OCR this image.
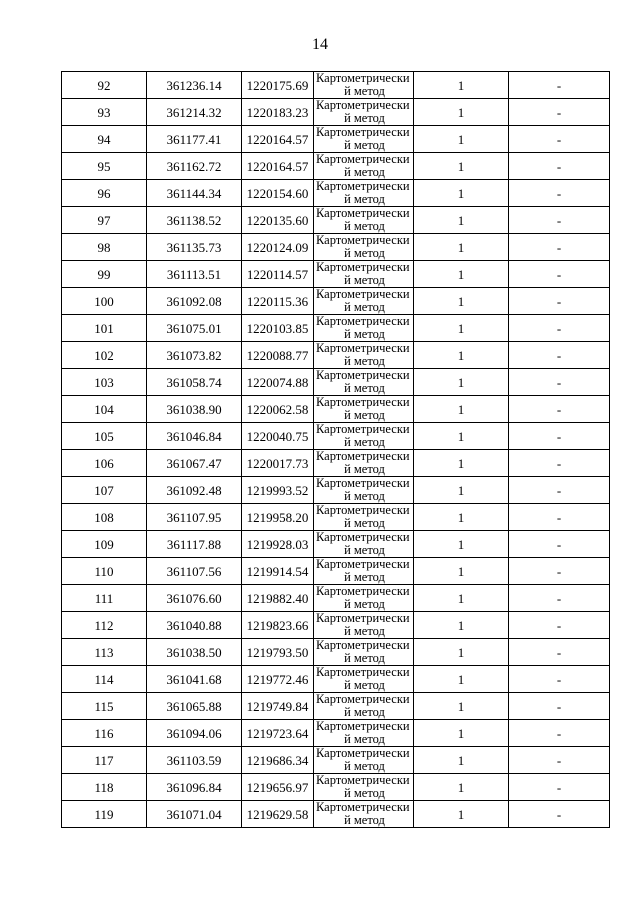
14
92	361236.14	1220175.69	Картометрически
й метод	1	-
93	361214.32	1220183.23	Картометрически
й метод	1	-
94	361177.41	1220164.57	Картометрически
й метод	1	-
95	361162.72	1220164.57	Картометрически
й метод	1	-
96	361144.34	1220154.60	Картометрически
й метод	1	-
97	361138.52	1220135.60	Картометрически
й метод	1	-
98	361135.73	1220124.09	Картометрически
й метод	1	-
99	361113.51	1220114.57	Картометрически
й метод	1	-
100	361092.08	1220115.36	Картометрически
й метод	1	-
101	361075.01	1220103.85	Картометрически
й метод	1	-
102	361073.82	1220088.77	Картометрически
й метод	1	-
103	361058.74	1220074.88	Картометрически
й метод	1	-
104	361038.90	1220062.58	Картометрически
й метод	1	-
105	361046.84	1220040.75	Картометрически
й метод	1	-
106	361067.47	1220017.73	Картометрически
й метод	1	-
107	361092.48	1219993.52	Картометрически
й метод	1	-
108	361107.95	1219958.20	Картометрически
й метод	1	-
109	361117.88	1219928.03	Картометрически
й метод	1	-
110	361107.56	1219914.54	Картометрически
й метод	1	-
111	361076.60	1219882.40	Картометрически
й метод	1	-
112	361040.88	1219823.66	Картометрически
й метод	1	-
113	361038.50	1219793.50	Картометрически
й метод	1	-
114	361041.68	1219772.46	Картометрически
й метод	1	-
115	361065.88	1219749.84	Картометрически
й метод	1	-
116	361094.06	1219723.64	Картометрически
й метод	1	-
117	361103.59	1219686.34	Картометрически
й метод	1	-
118	361096.84	1219656.97	Картометрически
й метод	1	-
119	361071.04	1219629.58	Картометрически
й метод	1	-
